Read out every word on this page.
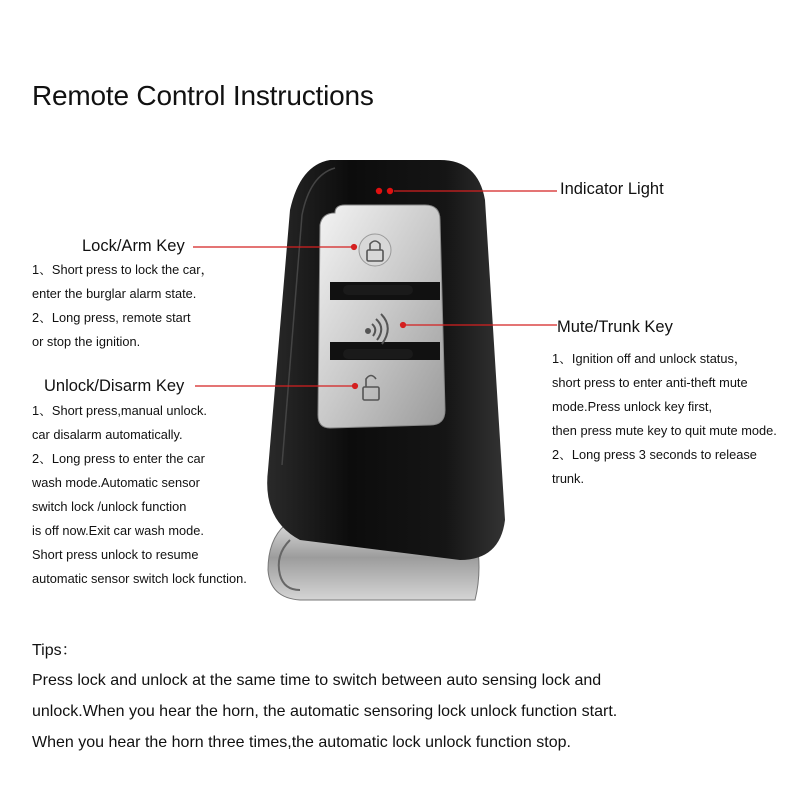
Remote Control Instructions
Indicator Light
Lock/Arm Key
1、Short press to lock the car，
enter the burglar alarm state.
2、Long press, remote start
or stop the ignition.
Unlock/Disarm Key
1、Short press,manual unlock.
car disalarm automatically.
2、Long press to enter the car
wash mode.Automatic sensor
switch lock /unlock function
is off now.Exit car wash mode.
Short press unlock to resume
automatic sensor switch lock function.
Mute/Trunk Key
1、Ignition off and unlock status，
short press to enter anti-theft mute
mode.Press unlock key first,
then press mute key to quit mute mode.
2、Long press 3 seconds to release
trunk.
Tips：
Press lock and unlock at the same time to switch between auto sensing lock and
unlock.When you hear the horn, the automatic sensoring lock unlock function start.
When you hear the horn three times,the automatic lock unlock function stop.
